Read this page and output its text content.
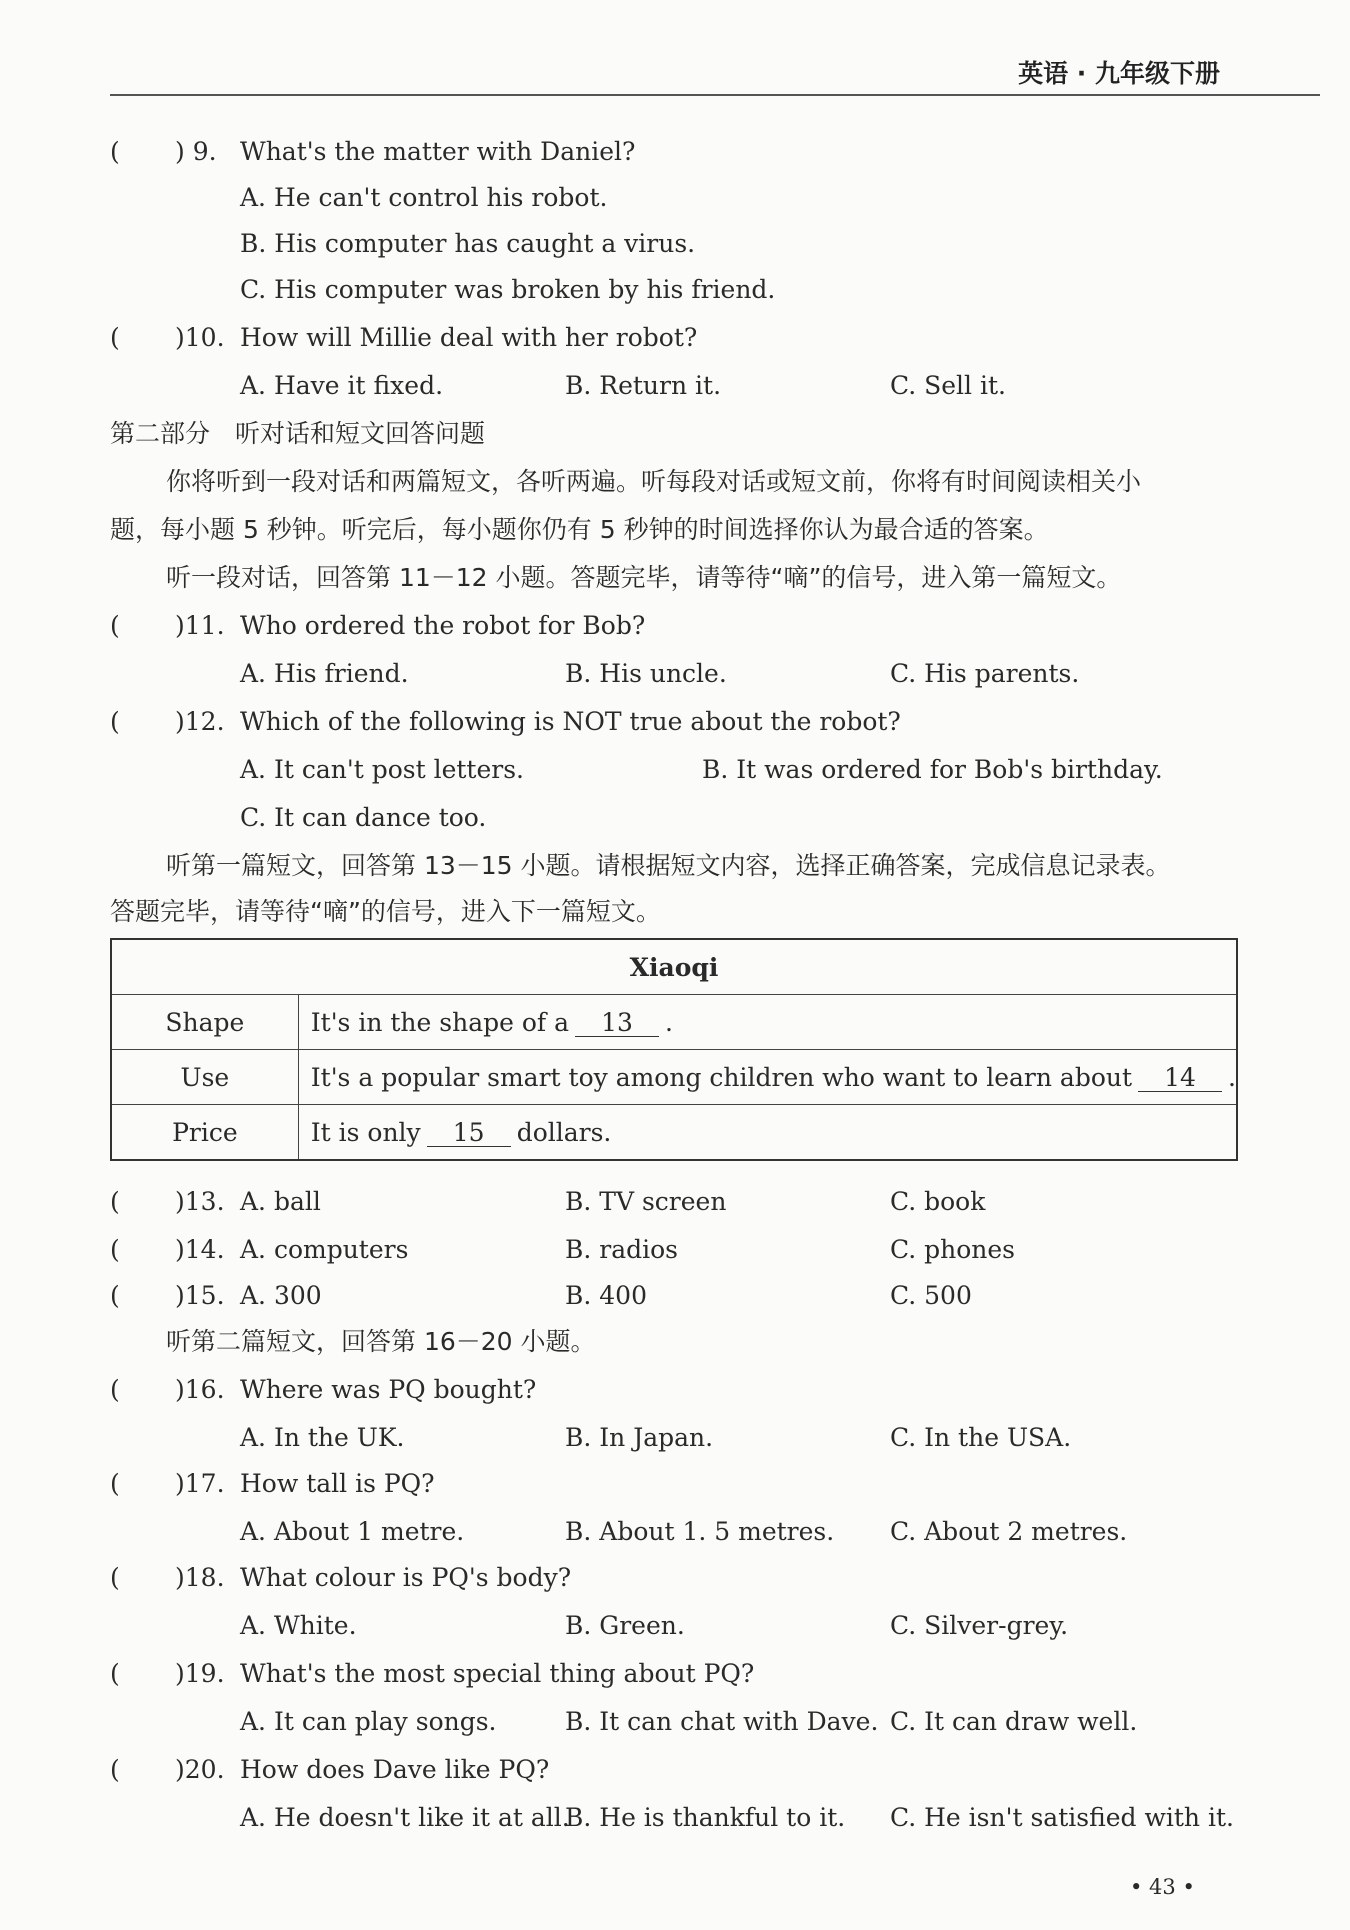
英语 · 九年级下册
( ) 9. What's the matter with Daniel?
A. He can't control his robot.
B. His computer has caught a virus.
C. His computer was broken by his friend.
( )10. How will Millie deal with her robot?
A. Have it fixed.	B. Return it.	C. Sell it.
第二部分　听对话和短文回答问题
你将听到一段对话和两篇短文，各听两遍。听每段对话或短文前，你将有时间阅读相关小
题，每小题 5 秒钟。听完后，每小题你仍有 5 秒钟的时间选择你认为最合适的答案。
听一段对话，回答第 11－12 小题。答题完毕，请等待“嘀”的信号，进入第一篇短文。
( )11. Who ordered the robot for Bob?
A. His friend.	B. His uncle.	C. His parents.
( )12. Which of the following is NOT true about the robot?
A. It can't post letters.	B. It was ordered for Bob's birthday.
C. It can dance too.
听第一篇短文，回答第 13－15 小题。请根据短文内容，选择正确答案，完成信息记录表。
答题完毕，请等待“嘀”的信号，进入下一篇短文。
Xiaoqi	
Shape	It's in the shape of a 13 .
Use	It's a popular smart toy among children who want to learn about 14 .
Price	It is only 15 dollars.
( )13. A. ball	B. TV screen	C. book
( )14. A. computers	B. radios	C. phones
( )15. A. 300	B. 400	C. 500
听第二篇短文，回答第 16－20 小题。
( )16. Where was PQ bought?
A. In the UK.	B. In Japan.	C. In the USA.
( )17. How tall is PQ?
A. About 1 metre.	B. About 1. 5 metres. C. About 2 metres.
( )18. What colour is PQ's body?
A. White.	B. Green.	C. Silver-grey.
( )19. What's the most special thing about PQ?
A. It can play songs.	B. It can chat with Dave. C. It can draw well.
( )20. How does Dave like PQ?
A. He doesn't like it at all.
B. He is thankful to it. C. He isn't satisfied with it.
• 43 •
